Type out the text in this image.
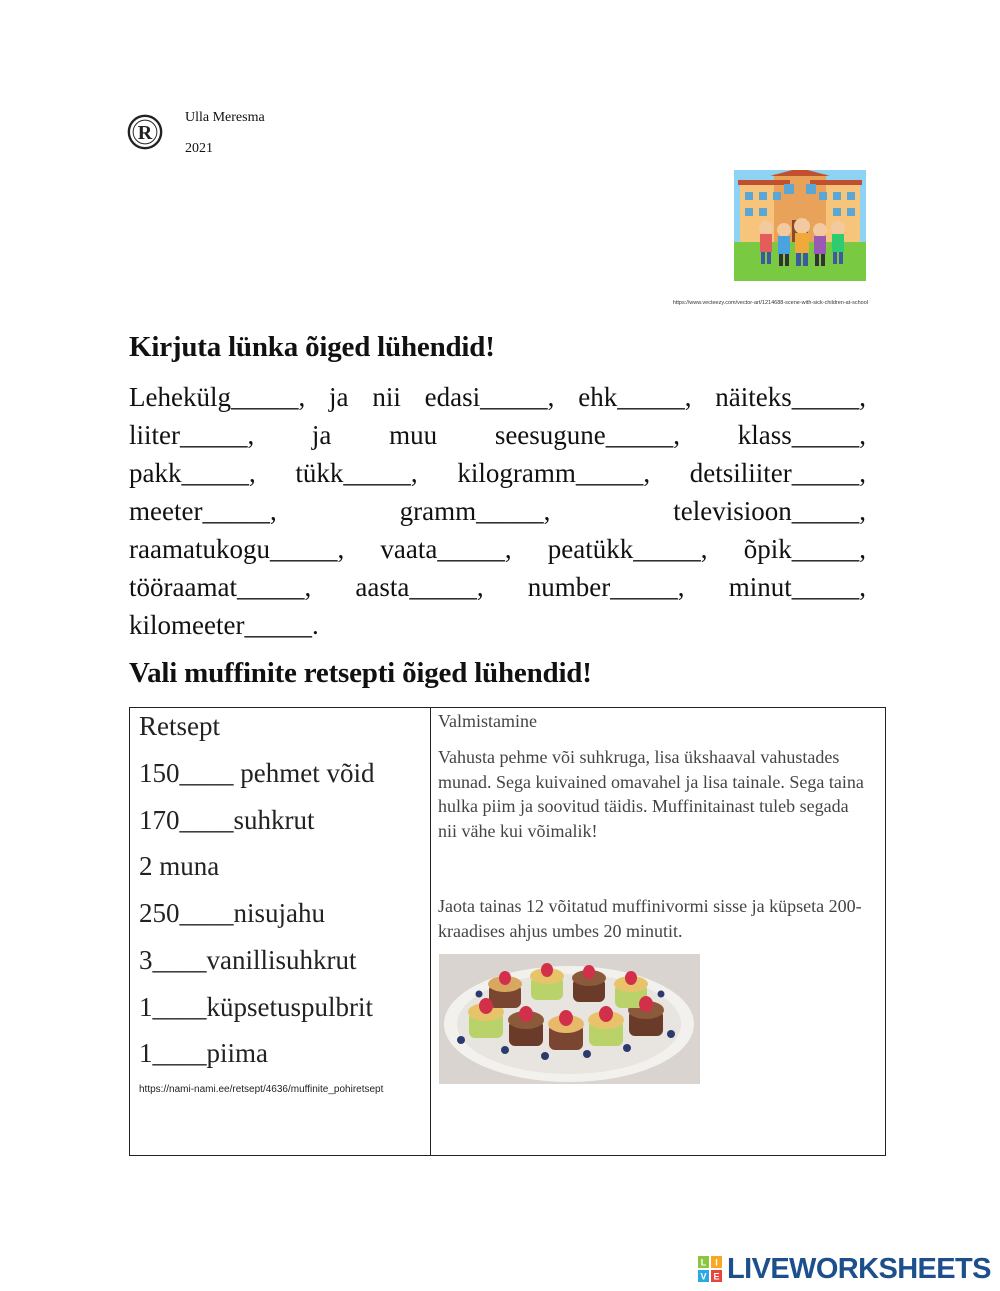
R
Ulla Meresma
2021
https://www.vecteezy.com/vector-art/1214688-scene-with-sick-children-at-school
Kirjuta lünka õiged lühendid!
Lehekülg_____, ja nii edasi_____, ehk_____, näiteks_____,
liiter_____, ja muu seesugune_____, klass_____,
pakk_____, tükk_____, kilogramm_____, detsiliiter_____,
meeter_____,	gramm_____,	televisioon_____,
raamatukogu_____, vaata_____, peatükk_____, õpik_____,
tööraamat_____, aasta_____, number_____, minut_____,
kilomeeter_____.
Vali muffinite retsepti õiged lühendid!
Retsept
150____ pehmet võid
170____suhkrut
2 muna
250____nisujahu
3____vanillisuhkrut
1____küpsetuspulbrit
1____piima
https://nami-nami.ee/retsept/4636/muffinite_pohiretsept
Valmistamine
Vahusta pehme või suhkruga, lisa ükshaaval vahustades munad. Sega kuivained omavahel ja lisa tainale. Sega taina hulka piim ja soovitud täidis. Muffinitainast tuleb segada nii vähe kui võimalik!
Jaota tainas 12 võitatud muffinivormi sisse ja küpseta 200-kraadises ahjus umbes 20 minutit.
L I
V E LIVEWORKSHEETS
